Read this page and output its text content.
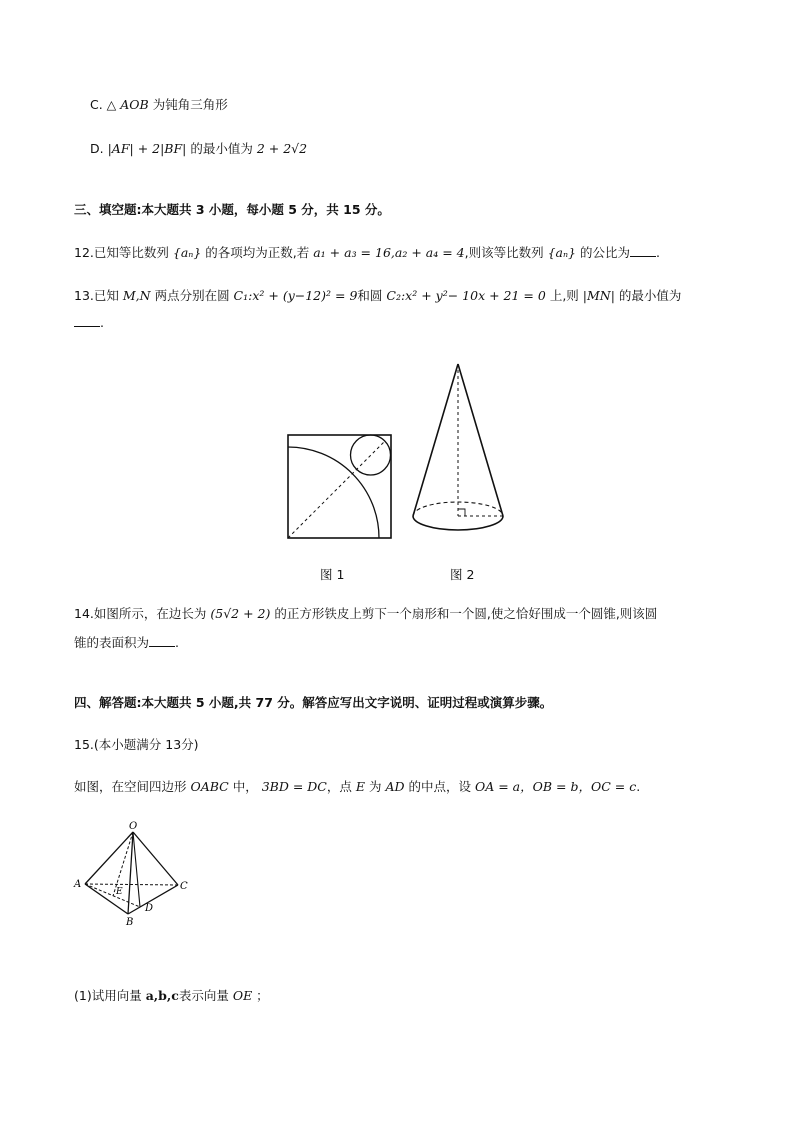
C. △ AOB 为钝角三角形
D. |AF| + 2|BF| 的最小值为 2 + 2√2
三、填空题:本大题共 3 小题，每小题 5 分，共 15 分。
12.已知等比数列 {aₙ} 的各项均为正数,若 a₁ + a₃ = 16,a₂ + a₄ = 4,则该等比数列 {aₙ} 的公比为 .
13.已知 M,N 两点分别在圆 C₁:x² + (y−12)² = 9和圆 C₂:x² + y²− 10x + 21 = 0 上,则 |MN| 的最小值为
.
图 1	图 2
14.如图所示，在边长为 (5√2 + 2) 的正方形铁皮上剪下一个扇形和一个圆,使之恰好围成一个圆锥,则该圆
锥的表面积为 .
四、解答题:本大题共 5 小题,共 77 分。解答应写出文字说明、证明过程或演算步骤。
15.(本小题满分 13分)
如图，在空间四边形 OABC 中， 3BD = DC，点 E 为 AD 的中点，设 OA = a，OB = b，OC = c.
O
A	C
E
D
B
(1)试用向量 a,b,c表示向量 OE ；
